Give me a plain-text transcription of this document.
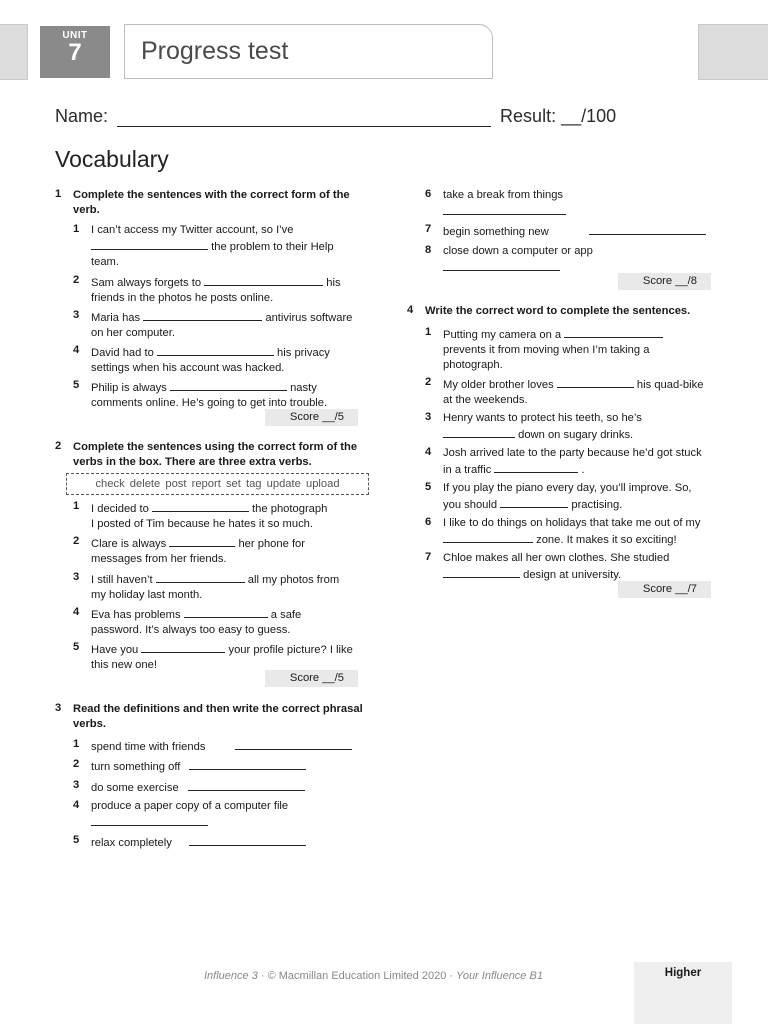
UNIT
7	Progress test
Name:	Result: __/100
Vocabulary
1 Complete the sentences with the correct form of the verb.
1 I can’t access my Twitter account, so I’ve
the problem to their Help
team.
2 Sam always forgets to	his
friends in the photos he posts online.
3 Maria has	antivirus software
on her computer.
4 David had to	his privacy
settings when his account was hacked.
5 Philip is always	nasty
comments online. He’s going to get into trouble.
Score __/5
2 Complete the sentences using the correct form of the verbs in the box. There are three extra verbs.
check delete post report set tag update upload
1 I decided to	the photograph
I posted of Tim because he hates it so much.
2 Clare is always	her phone for
messages from her friends.
3 I still haven’t	all my photos from
my holiday last month.
4 Eva has problems	a safe
password. It’s always too easy to guess.
5 Have you	your profile picture? I like
this new one!
Score __/5
3 Read the definitions and then write the correct phrasal verbs.
1 spend time with friends
2 turn something off
3 do some exercise
4 produce a paper copy of a computer file

5 relax completely
6 take a break from things

7 begin something new
8 close down a computer or app

Score __/8
4 Write the correct word to complete the sentences.
1 Putting my camera on a
prevents it from moving when I’m taking a
photograph.
2 My older brother loves	his quad-bike
at the weekends.
3 Henry wants to protect his teeth, so he’s
down on sugary drinks.
4 Josh arrived late to the party because he’d got stuck
in a traffic	.
5 If you play the piano every day, you’ll improve. So,
you should	practising.
6 I like to do things on holidays that take me out of my
zone. It makes it so exciting!
7 Chloe makes all her own clothes. She studied
design at university.
Score __/7
Influence 3 · © Macmillan Education Limited 2020 · Your Influence B1	Higher
